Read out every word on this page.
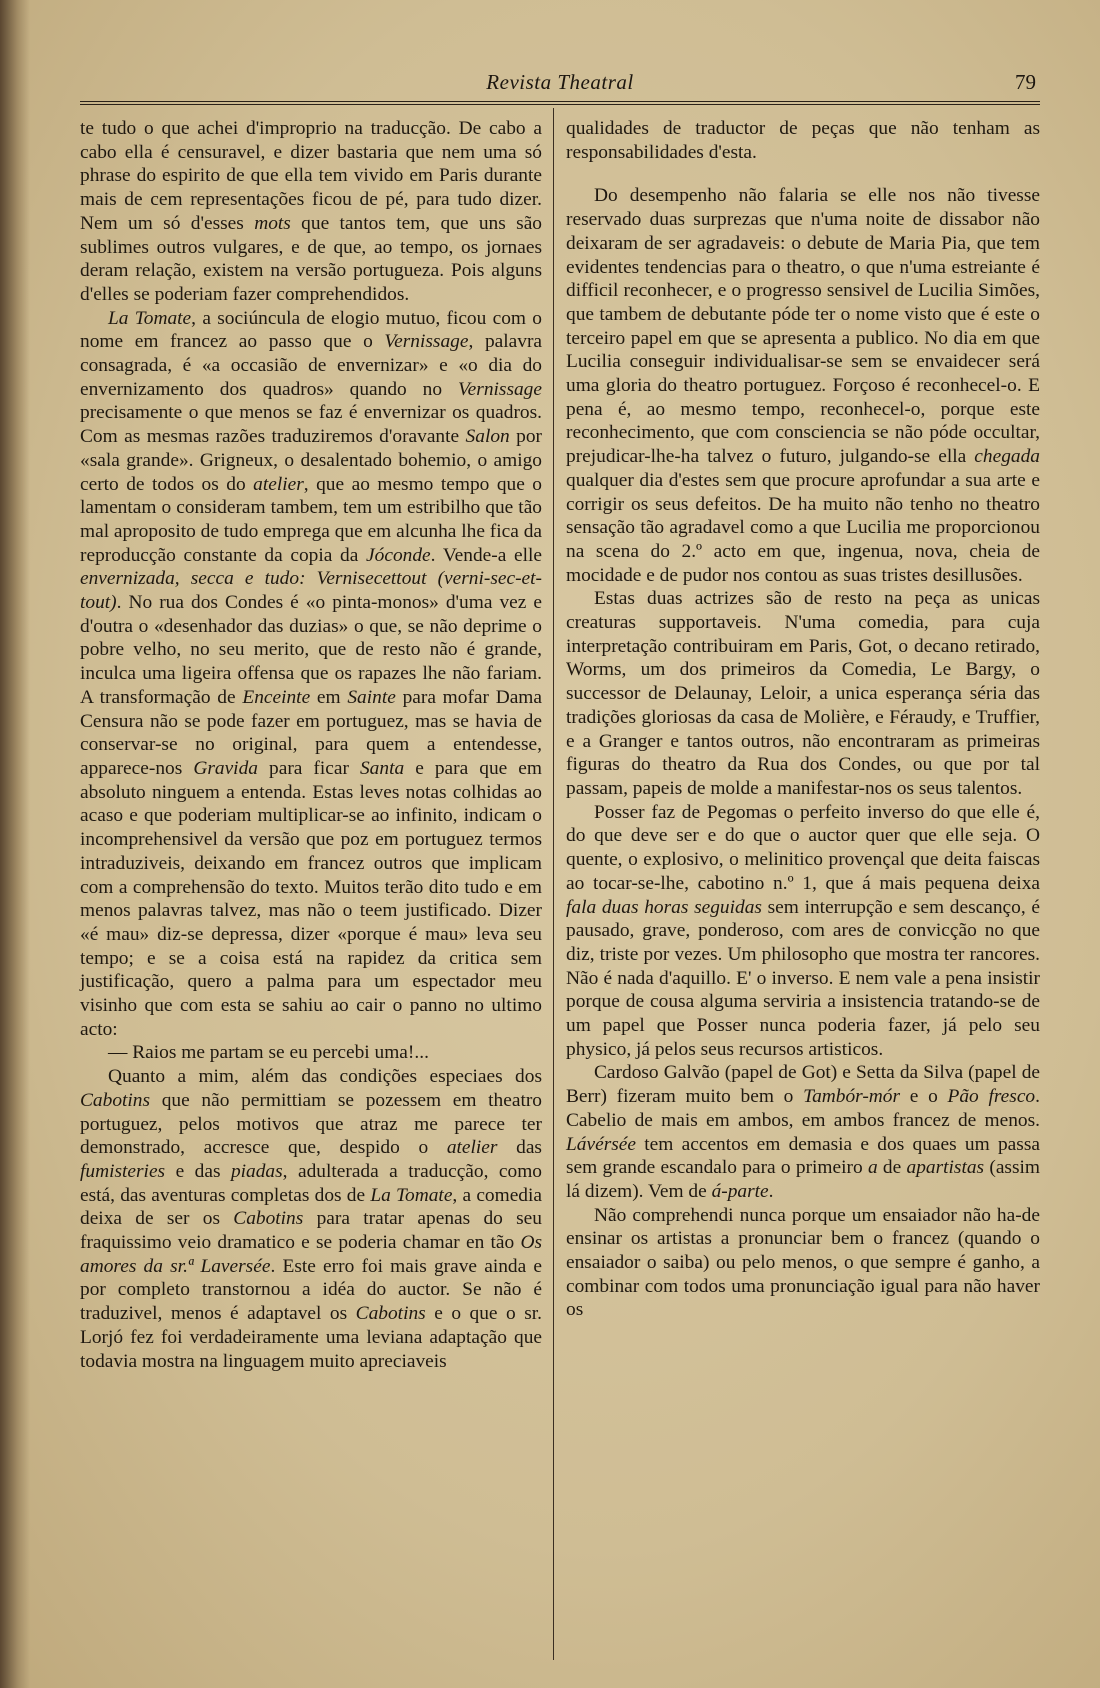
Revista Theatral	79

te tudo o que achei d'improprio na traducção. De cabo a cabo ella é censuravel, e dizer bastaria que nem uma só phrase do espirito de que ella tem vivido em Paris durante mais de cem representações ficou de pé, para tudo dizer. Nem um só d'esses mots que tantos tem, que uns são sublimes outros vulgares, e de que, ao tempo, os jornaes deram relação, existem na versão portugueza. Pois alguns d'elles se poderiam fazer comprehendidos.

La Tomate, a sociúncula de elogio mutuo, ficou com o nome em francez ao passo que o Vernissage, palavra consagrada, é «a occasião de envernizar» e «o dia do envernizamento dos quadros» quando no Vernissage precisamente o que menos se faz é envernizar os quadros. Com as mesmas razões traduziremos d'oravante Salon por «sala grande». Grigneux, o desalentado bohemio, o amigo certo de todos os do atelier, que ao mesmo tempo que o lamentam o consideram tambem, tem um estribilho que tão mal aproposito de tudo emprega que em alcunha lhe fica da reproducção constante da copia da Jóconde. Vende-a elle envernizada, secca e tudo: Vernisecettout (verni-sec-et-tout). No rua dos Condes é «o pinta-monos» d'uma vez e d'outra o «desenhador das duzias» o que, se não deprime o pobre velho, no seu merito, que de resto não é grande, inculca uma ligeira offensa que os rapazes lhe não fariam. A transformação de Enceinte em Sainte para mofar Dama Censura não se pode fazer em portuguez, mas se havia de conservar-se no original, para quem a entendesse, apparece-nos Gravida para ficar Santa e para que em absoluto ninguem a entenda. Estas leves notas colhidas ao acaso e que poderiam multiplicar-se ao infinito, indicam o incomprehensivel da versão que poz em portuguez termos intraduziveis, deixando em francez outros que implicam com a comprehensão do texto. Muitos terão dito tudo e em menos palavras talvez, mas não o teem justificado. Dizer «é mau» diz-se depressa, dizer «porque é mau» leva seu tempo; e se a coisa está na rapidez da critica sem justificação, quero a palma para um espectador meu visinho que com esta se sahiu ao cair o panno no ultimo acto:

— Raios me partam se eu percebi uma!...

Quanto a mim, além das condições especiaes dos Cabotins que não permittiam se pozessem em theatro portuguez, pelos motivos que atraz me parece ter demonstrado, accresce que, despido o atelier das fumisteries e das piadas, adulterada a traducção, como está, das aventuras completas dos de La Tomate, a comedia deixa de ser os Cabotins para tratar apenas do seu fraquissimo veio dramatico e se poderia chamar en tão Os amores da sr.ª Laversée. Este erro foi mais grave ainda e por completo transtornou a idéa do auctor. Se não é traduzivel, menos é adaptavel os Cabotins e o que o sr. Lorjó fez foi verdadeiramente uma leviana adaptação que todavia mostra na linguagem muito apreciaveis

qualidades de traductor de peças que não tenham as responsabilidades d'esta.

Do desempenho não falaria se elle nos não tivesse reservado duas surprezas que n'uma noite de dissabor não deixaram de ser agradaveis: o debute de Maria Pia, que tem evidentes tendencias para o theatro, o que n'uma estreiante é difficil reconhecer, e o progresso sensivel de Lucilia Simões, que tambem de debutante póde ter o nome visto que é este o terceiro papel em que se apresenta a publico. No dia em que Lucilia conseguir individualisar-se sem se envaidecer será uma gloria do theatro portuguez. Forçoso é reconhecel-o. E pena é, ao mesmo tempo, reconhecel-o, porque este reconhecimento, que com consciencia se não póde occultar, prejudicar-lhe-ha talvez o futuro, julgando-se ella chegada qualquer dia d'estes sem que procure aprofundar a sua arte e corrigir os seus defeitos. De ha muito não tenho no theatro sensação tão agradavel como a que Lucilia me proporcionou na scena do 2.º acto em que, ingenua, nova, cheia de mocidade e de pudor nos contou as suas tristes desillusões.

Estas duas actrizes são de resto na peça as unicas creaturas supportaveis. N'uma comedia, para cuja interpretação contribuiram em Paris, Got, o decano retirado, Worms, um dos primeiros da Comedia, Le Bargy, o successor de Delaunay, Leloir, a unica esperança séria das tradições gloriosas da casa de Molière, e Féraudy, e Truffier, e a Granger e tantos outros, não encontraram as primeiras figuras do theatro da Rua dos Condes, ou que por tal passam, papeis de molde a manifestar-nos os seus talentos.

Posser faz de Pegomas o perfeito inverso do que elle é, do que deve ser e do que o auctor quer que elle seja. O quente, o explosivo, o melinitico provençal que deita faiscas ao tocar-se-lhe, cabotino n.º 1, que á mais pequena deixa fala duas horas seguidas sem interrupção e sem descanço, é pausado, grave, ponderoso, com ares de convicção no que diz, triste por vezes. Um philosopho que mostra ter rancores. Não é nada d'aquillo. E' o inverso. E nem vale a pena insistir porque de cousa alguma serviria a insistencia tratando-se de um papel que Posser nunca poderia fazer, já pelo seu physico, já pelos seus recursos artisticos.

Cardoso Galvão (papel de Got) e Setta da Silva (papel de Berr) fizeram muito bem o Tambór-mór e o Pão fresco. Cabelio de mais em ambos, em ambos francez de menos. Lávérsée tem accentos em demasia e dos quaes um passa sem grande escandalo para o primeiro a de apartistas (assim lá dizem). Vem de á-parte.

Não comprehendi nunca porque um ensaiador não ha-de ensinar os artistas a pronunciar bem o francez (quando o ensaiador o saiba) ou pelo menos, o que sempre é ganho, a combinar com todos uma pronunciação igual para não haver os
